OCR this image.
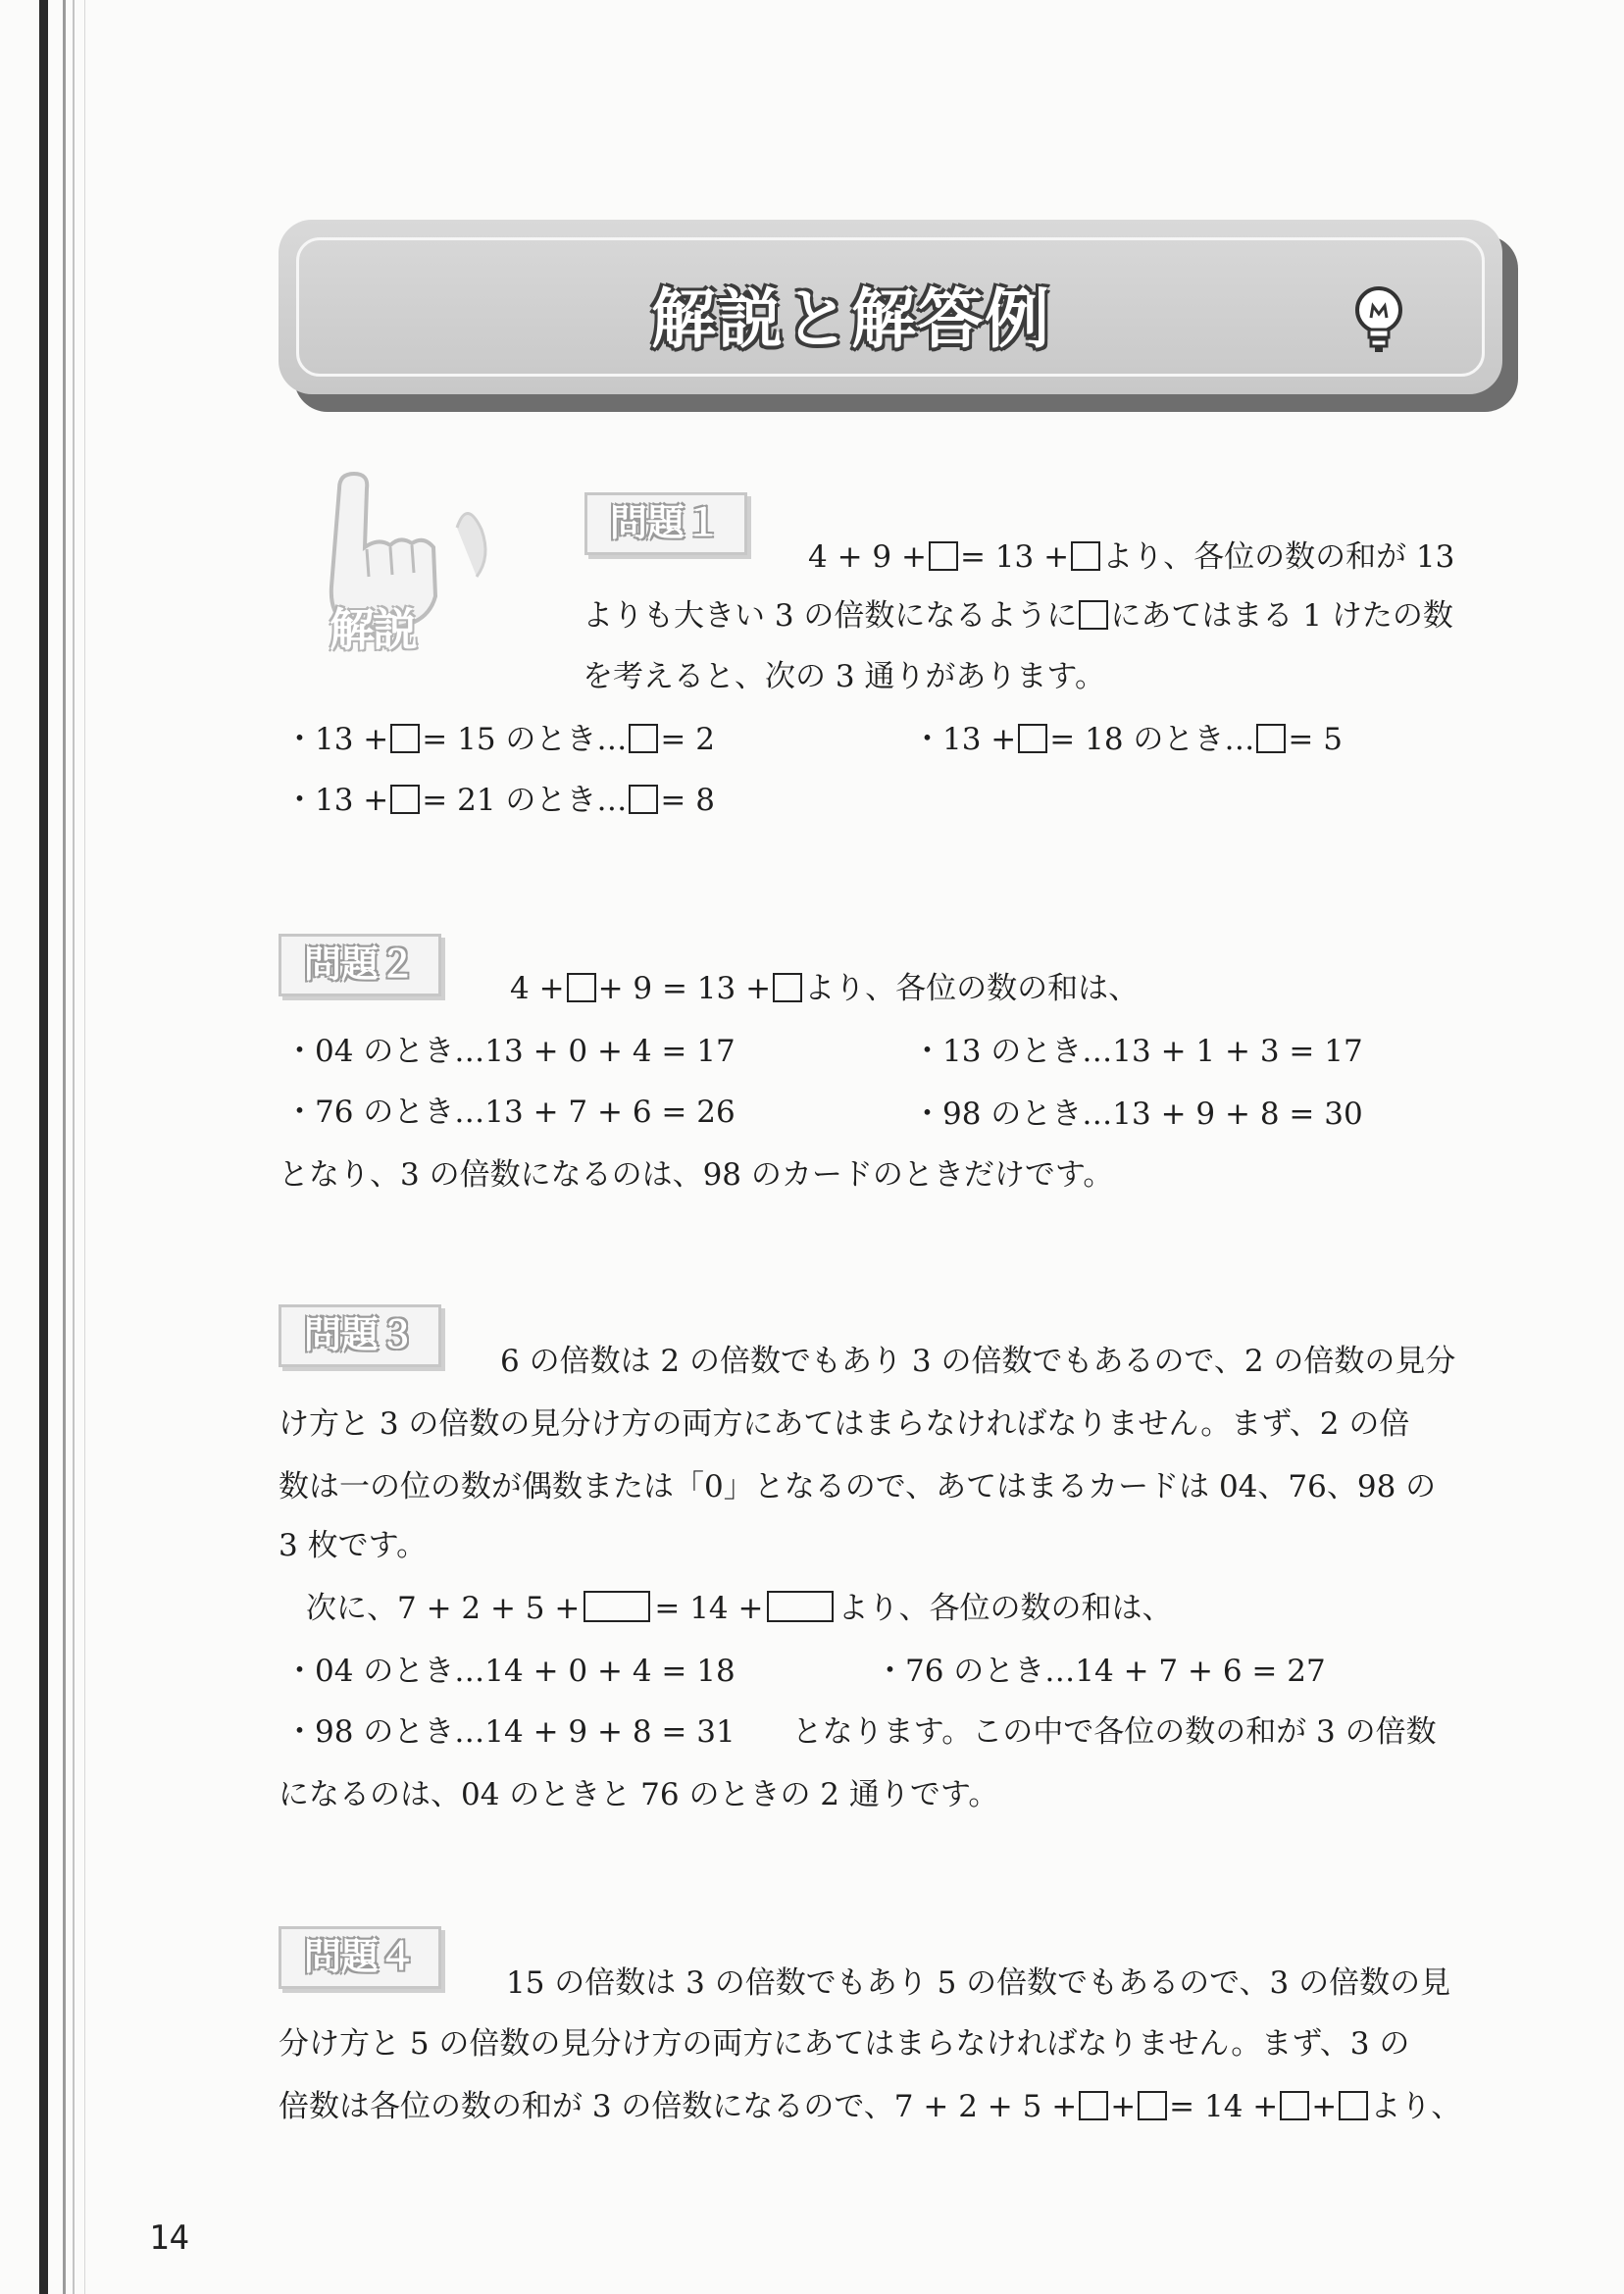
解説と解答例
解説
問題１
4 + 9 + = 13 + より、各位の数の和が 13
よりも大きい 3 の倍数になるように にあてはまる 1 けたの数
を考えると、次の 3 通りがあります。
・13 + = 15 のとき… = 2	・13 + = 18 のとき… = 5
・13 + = 21 のとき… = 8
問題２
4 + + 9 = 13 + より、各位の数の和は、
・04 のとき…13 + 0 + 4 = 17	・13 のとき…13 + 1 + 3 = 17
・76 のとき…13 + 7 + 6 = 26	・98 のとき…13 + 9 + 8 = 30
となり、3 の倍数になるのは、98 のカードのときだけです。
問題３
6 の倍数は 2 の倍数でもあり 3 の倍数でもあるので、2 の倍数の見分
け方と 3 の倍数の見分け方の両方にあてはまらなければなりません。まず、2 の倍
数は一の位の数が偶数または「0」となるので、あてはまるカードは 04、76、98 の
3 枚です。
次に、7 + 2 + 5 + = 14 + より、各位の数の和は、
・04 のとき…14 + 0 + 4 = 18	・76 のとき…14 + 7 + 6 = 27
・98 のとき…14 + 9 + 8 = 31 となります。この中で各位の数の和が 3 の倍数
になるのは、04 のときと 76 のときの 2 通りです。
問題４
15 の倍数は 3 の倍数でもあり 5 の倍数でもあるので、3 の倍数の見
分け方と 5 の倍数の見分け方の両方にあてはまらなければなりません。まず、3 の
倍数は各位の数の和が 3 の倍数になるので、7 + 2 + 5 + + = 14 + + より、
14
